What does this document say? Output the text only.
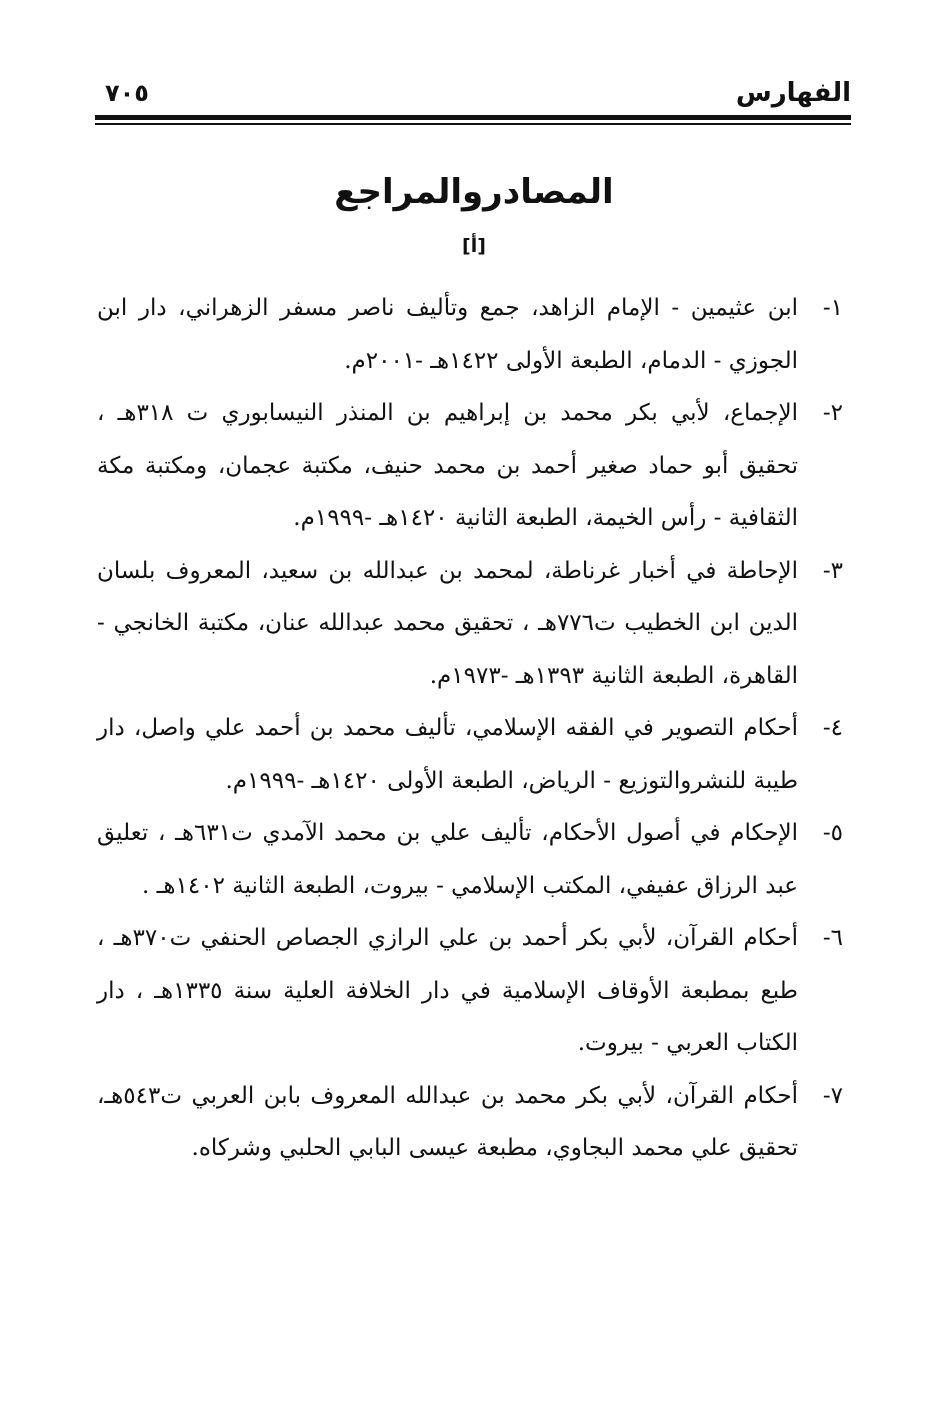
الفهارس
٧٠٥
المصادروالمراجع
[أ]
١-
ابن عثيمين - الإمام الزاهد، جمع وتأليف ناصر مسفر الزهراني، دار ابن الجوزي - الدمام، الطبعة الأولى ١٤٢٢هـ -٢٠٠١م.
٢-
الإجماع، لأبي بكر محمد بن إبراهيم بن المنذر النيسابوري ت ٣١٨هـ ، تحقيق أبو حماد صغير أحمد بن محمد حنيف، مكتبة عجمان، ومكتبة مكة الثقافية - رأس الخيمة، الطبعة الثانية ١٤٢٠هـ -١٩٩٩م.
٣-
الإحاطة في أخبار غرناطة، لمحمد بن عبدالله بن سعيد، المعروف بلسان الدين ابن الخطيب ت٧٧٦هـ ، تحقيق محمد عبدالله عنان، مكتبة الخانجي - القاهرة، الطبعة الثانية ١٣٩٣هـ -١٩٧٣م.
٤-
أحكام التصوير في الفقه الإسلامي، تأليف محمد بن أحمد علي واصل، دار طيبة للنشروالتوزيع - الرياض، الطبعة الأولى ١٤٢٠هـ -١٩٩٩م.
٥-
الإحكام في أصول الأحكام، تأليف علي بن محمد الآمدي ت٦٣١هـ ، تعليق عبد الرزاق عفيفي، المكتب الإسلامي - بيروت، الطبعة الثانية ١٤٠٢هـ .
٦-
أحكام القرآن، لأبي بكر أحمد بن علي الرازي الجصاص الحنفي ت٣٧٠هـ ، طبع بمطبعة الأوقاف الإسلامية في دار الخلافة العلية سنة ١٣٣٥هـ ، دار الكتاب العربي - بيروت.
٧-
أحكام القرآن، لأبي بكر محمد بن عبدالله المعروف بابن العربي ت٥٤٣هـ، تحقيق علي محمد البجاوي، مطبعة عيسى البابي الحلبي وشركاه.
